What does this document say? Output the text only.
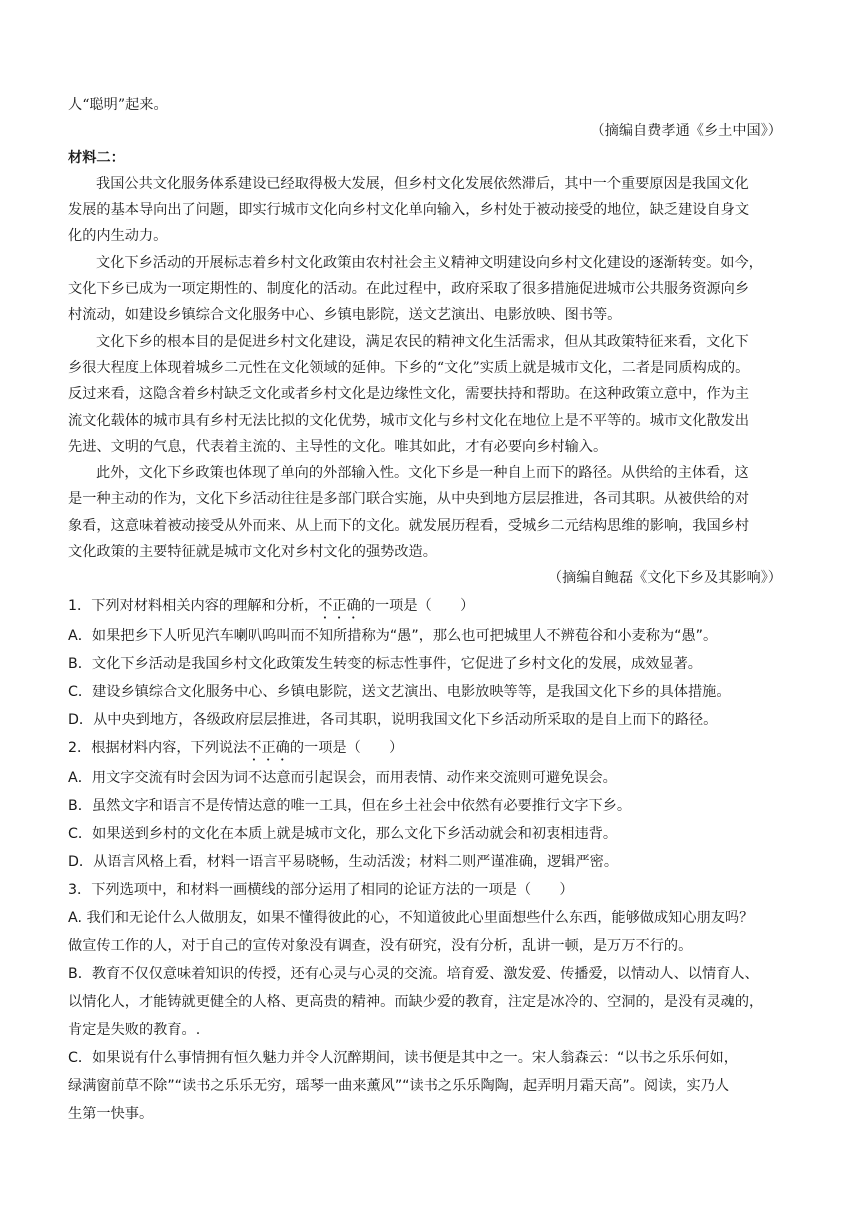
人“聪明”起来。

（摘编自费孝通《乡土中国》）

材料二：

我国公共文化服务体系建设已经取得极大发展，但乡村文化发展依然滞后，其中一个重要原因是我国文化

发展的基本导向出了问题，即实行城市文化向乡村文化单向输入，乡村处于被动接受的地位，缺乏建设自身文

化的内生动力。

文化下乡活动的开展标志着乡村文化政策由农村社会主义精神文明建设向乡村文化建设的逐渐转变。如今，

文化下乡已成为一项定期性的、制度化的活动。在此过程中，政府采取了很多措施促进城市公共服务资源向乡

村流动，如建设乡镇综合文化服务中心、乡镇电影院，送文艺演出、电影放映、图书等。

文化下乡的根本目的是促进乡村文化建设，满足农民的精神文化生活需求，但从其政策特征来看，文化下

乡很大程度上体现着城乡二元性在文化领域的延伸。下乡的“文化”实质上就是城市文化，二者是同质构成的。

反过来看，这隐含着乡村缺乏文化或者乡村文化是边缘性文化，需要扶持和帮助。在这种政策立意中，作为主

流文化载体的城市具有乡村无法比拟的文化优势，城市文化与乡村文化在地位上是不平等的。城市文化散发出

先进、文明的气息，代表着主流的、主导性的文化。唯其如此，才有必要向乡村输入。

此外，文化下乡政策也体现了单向的外部输入性。文化下乡是一种自上而下的路径。从供给的主体看，这

是一种主动的作为，文化下乡活动往往是多部门联合实施，从中央到地方层层推进，各司其职。从被供给的对

象看，这意味着被动接受从外而来、从上而下的文化。就发展历程看，受城乡二元结构思维的影响，我国乡村

文化政策的主要特征就是城市文化对乡村文化的强势改造。

（摘编自鲍磊《文化下乡及其影响》）

1．下列对材料相关内容的理解和分析，不正确的一项是（　　）

A．如果把乡下人听见汽车喇叭呜叫而不知所措称为“愚”，那么也可把城里人不辨苞谷和小麦称为“愚”。

B．文化下乡活动是我国乡村文化政策发生转变的标志性事件，它促进了乡村文化的发展，成效显著。

C．建设乡镇综合文化服务中心、乡镇电影院，送文艺演出、电影放映等等，是我国文化下乡的具体措施。

D．从中央到地方，各级政府层层推进，各司其职，说明我国文化下乡活动所采取的是自上而下的路径。

2．根据材料内容，下列说法不正确的一项是（　　）

A．用文字交流有时会因为词不达意而引起误会，而用表情、动作来交流则可避免误会。

B．虽然文字和语言不是传情达意的唯一工具，但在乡土社会中依然有必要推行文字下乡。

C．如果送到乡村的文化在本质上就是城市文化，那么文化下乡活动就会和初衷相违背。

D．从语言风格上看，材料一语言平易晓畅，生动活泼；材料二则严谨准确，逻辑严密。

3．下列选项中，和材料一画横线的部分运用了相同的论证方法的一项是（　　）

A. 我们和无论什么人做朋友，如果不懂得彼此的心，不知道彼此心里面想些什么东西，能够做成知心朋友吗？

做宣传工作的人，对于自己的宣传对象没有调查，没有研究，没有分析，乱讲一顿，是万万不行的。

B．教育不仅仅意味着知识的传授，还有心灵与心灵的交流。培育爱、激发爱、传播爱，以情动人、以情育人、

以情化人，才能铸就更健全的人格、更高贵的精神。而缺少爱的教育，注定是冰冷的、空洞的，是没有灵魂的，

肯定是失败的教育。.

C．如果说有什么事情拥有恒久魅力并令人沉醉期间，读书便是其中之一。宋人翁森云：“以书之乐乐何如，

绿满窗前草不除”“读书之乐乐无穷，瑶琴一曲来薰风”“读书之乐乐陶陶，起弄明月霜天高”。阅读，实乃人

生第一快事。
